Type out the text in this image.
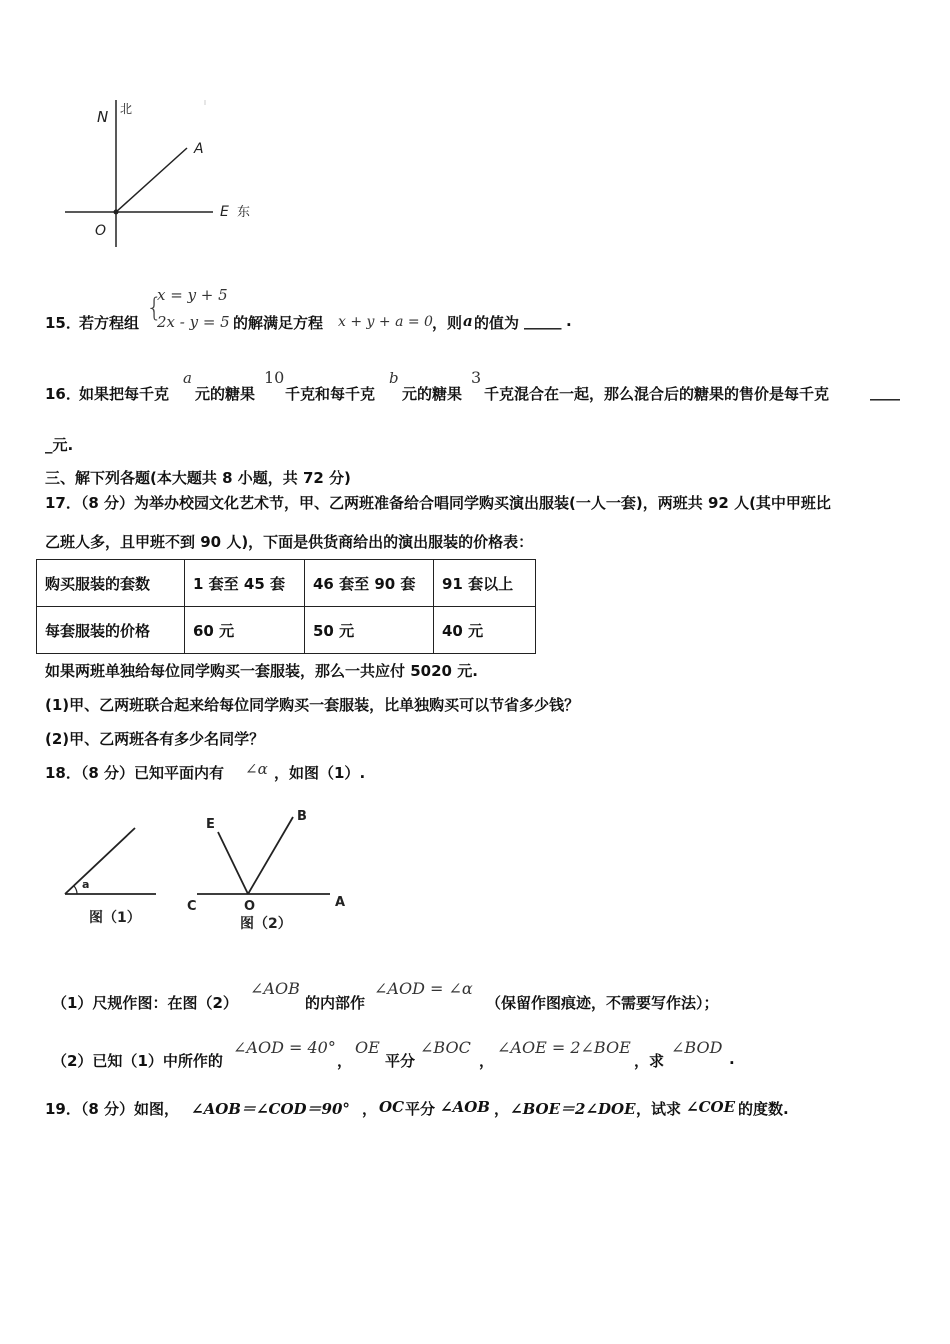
N 北
A
E 东
O
15．
若方程组 {
x = y + 5
2x - y = 5 的解满足方程 x + y + a = 0 ，则 a 的值为 _____ .
16．
如果把每千克
a
元的糖果
10
千克和每千克
b
元的糖果
3
千克混合在一起，那么混合后的糖果的售价是每千克	____
_元.
三、解下列各题(本大题共 8 小题，共 72 分)
17．（8 分）为举办校园文化艺术节，甲、乙两班准备给合唱同学购买演出服装(一人一套)，两班共 92 人(其中甲班比
乙班人多，且甲班不到 90 人)，下面是供货商给出的演出服装的价格表：
购买服装的套数	1 套至 45 套	46 套至 90 套	91 套以上
每套服装的价格	60 元	50 元	40 元
如果两班单独给每位同学购买一套服装，那么一共应付 5020 元.
(1)甲、乙两班联合起来给每位同学购买一套服装，比单独购买可以节省多少钱？
(2)甲、乙两班各有多少名同学？
18．（8 分）已知平面内有 ∠α ，如图（1）.
a
图（1）
E
B
C	O	A
图（2）
（1）尺规作图：在图（2）
∠AOB
的内部作
∠AOD = ∠α
（保留作图痕迹，不需要写作法）；
（2）已知（1）中所作的
∠AOD = 40°
，
OE
平分
∠BOC
，
∠AOE = 2∠BOE
，求
∠BOD
.
19．（8 分）如图， ∠AOB＝∠COD＝90° ， OC 平分 ∠AOB ， ∠BOE＝2∠DOE ，试求 ∠COE 的度数.
